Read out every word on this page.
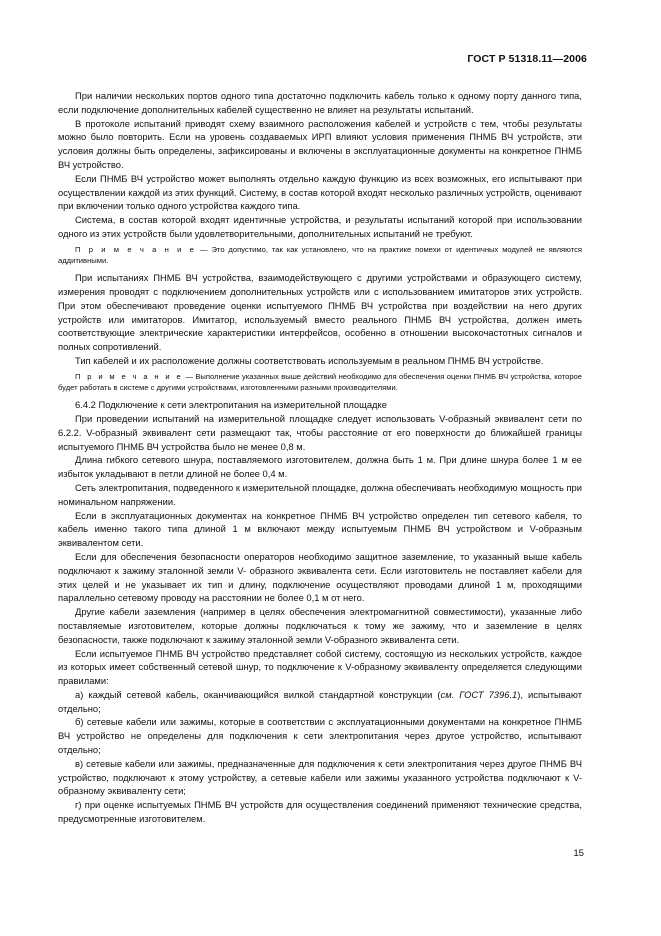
ГОСТ Р 51318.11—2006

При наличии нескольких портов одного типа достаточно подключить кабель только к одному порту данного типа, если подключение дополнительных кабелей существенно не влияет на результаты испытаний.

В протоколе испытаний приводят схему взаимного расположения кабелей и устройств с тем, чтобы результаты можно было повторить. Если на уровень создаваемых ИРП влияют условия применения ПНМБ ВЧ устройств, эти условия должны быть определены, зафиксированы и включены в эксплуатационные документы на конкретное ПНМБ ВЧ устройство.

Если ПНМБ ВЧ устройство может выполнять отдельно каждую функцию из всех возможных, его испытывают при осуществлении каждой из этих функций. Систему, в состав которой входят несколько различных устройств, оценивают при включении только одного устройства каждого типа.

Система, в состав которой входят идентичные устройства, и результаты испытаний которой при использовании одного из этих устройств были удовлетворительными, дополнительных испытаний не требуют.

П р и м е ч а н и е — Это допустимо, так как установлено, что на практике помехи от идентичных модулей не являются аддитивными.

При испытаниях ПНМБ ВЧ устройства, взаимодействующего с другими устройствами и образующего систему, измерения проводят с подключением дополнительных устройств или с использованием имитаторов этих устройств. При этом обеспечивают проведение оценки испытуемого ПНМБ ВЧ устройства при воздействии на него других устройств или имитаторов. Имитатор, используемый вместо реального ПНМБ ВЧ устройства, должен иметь соответствующие электрические характеристики интерфейсов, особенно в отношении высокочастотных сигналов и полных сопротивлений.

Тип кабелей и их расположение должны соответствовать используемым в реальном ПНМБ ВЧ устройстве.

П р и м е ч а н и е — Выполнение указанных выше действий необходимо для обеспечения оценки ПНМБ ВЧ устройства, которое будет работать в системе с другими устройствами, изготовленными разными производителями.

6.4.2 Подключение к сети электропитания на измерительной площадке

При проведении испытаний на измерительной площадке следует использовать V-образный эквивалент сети по 6.2.2. V-образный эквивалент сети размещают так, чтобы расстояние от его поверхности до ближайшей границы испытуемого ПНМБ ВЧ устройства было не менее 0,8 м.

Длина гибкого сетевого шнура, поставляемого изготовителем, должна быть 1 м. При длине шнура более 1 м ее избыток укладывают в петли длиной не более 0,4 м.

Сеть электропитания, подведенного к измерительной площадке, должна обеспечивать необходимую мощность при номинальном напряжении.

Если в эксплуатационных документах на конкретное ПНМБ ВЧ устройство определен тип сетевого кабеля, то кабель именно такого типа длиной 1 м включают между испытуемым ПНМБ ВЧ устройством и V-образным эквивалентом сети.

Если для обеспечения безопасности операторов необходимо защитное заземление, то указанный выше кабель подключают к зажиму эталонной земли V- образного эквивалента сети. Если изготовитель не поставляет кабели для этих целей и не указывает их тип и длину, подключение осуществляют проводами длиной 1 м, проходящими параллельно сетевому проводу на расстоянии не более 0,1 м от него.

Другие кабели заземления (например в целях обеспечения электромагнитной совместимости), указанные либо поставляемые изготовителем, которые должны подключаться к тому же зажиму, что и заземление в целях безопасности, также подключают к зажиму эталонной земли V-образного эквивалента сети.

Если испытуемое ПНМБ ВЧ устройство представляет собой систему, состоящую из нескольких устройств, каждое из которых имеет собственный сетевой шнур, то подключение к V-образному эквиваленту определяется следующими правилами:

а) каждый сетевой кабель, оканчивающийся вилкой стандартной конструкции (см. ГОСТ 7396.1), испытывают отдельно;

б) сетевые кабели или зажимы, которые в соответствии с эксплуатационными документами на конкретное ПНМБ ВЧ устройство не определены для подключения к сети электропитания через другое устройство, испытывают отдельно;

в) сетевые кабели или зажимы, предназначенные для подключения к сети электропитания через другое ПНМБ ВЧ устройство, подключают к этому устройству, а сетевые кабели или зажимы указанного устройства подключают к V-образному эквиваленту сети;

г) при оценке испытуемых ПНМБ ВЧ устройств для осуществления соединений применяют технические средства, предусмотренные изготовителем.

15
